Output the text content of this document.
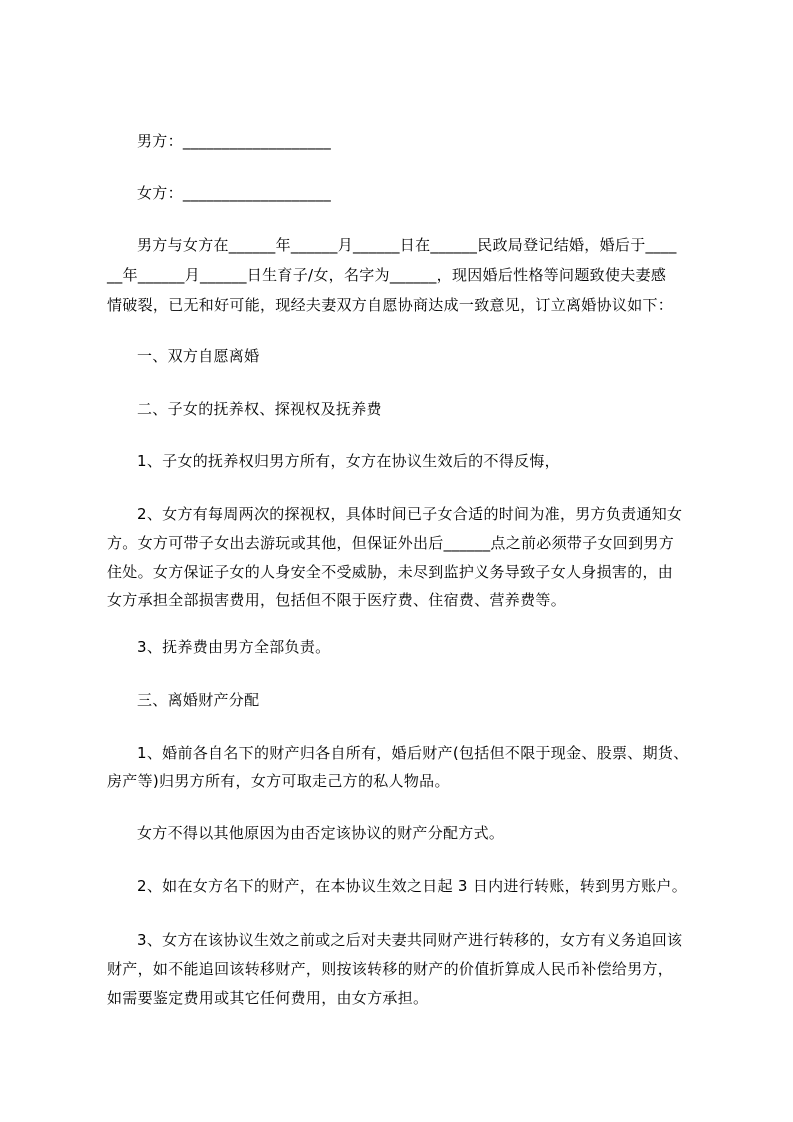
男方：___________________

女方：___________________

男方与女方在______年______月______日在______民政局登记结婚，婚后于____

__年______月______日生育子/女，名字为______，现因婚后性格等问题致使夫妻感

情破裂，已无和好可能，现经夫妻双方自愿协商达成一致意见，订立离婚协议如下：

一、双方自愿离婚

二、子女的抚养权、探视权及抚养费

1、子女的抚养权归男方所有，女方在协议生效后的不得反悔，

2、女方有每周两次的探视权，具体时间已子女合适的时间为准，男方负责通知女

方。女方可带子女出去游玩或其他，但保证外出后______点之前必须带子女回到男方

住处。女方保证子女的人身安全不受威胁，未尽到监护义务导致子女人身损害的，由

女方承担全部损害费用，包括但不限于医疗费、住宿费、营养费等。

3、抚养费由男方全部负责。

三、离婚财产分配

1、婚前各自名下的财产归各自所有，婚后财产(包括但不限于现金、股票、期货、

房产等)归男方所有，女方可取走己方的私人物品。

女方不得以其他原因为由否定该协议的财产分配方式。

2、如在女方名下的财产，在本协议生效之日起 3 日内进行转账，转到男方账户。

3、女方在该协议生效之前或之后对夫妻共同财产进行转移的，女方有义务追回该

财产，如不能追回该转移财产，则按该转移的财产的价值折算成人民币补偿给男方，

如需要鉴定费用或其它任何费用，由女方承担。
